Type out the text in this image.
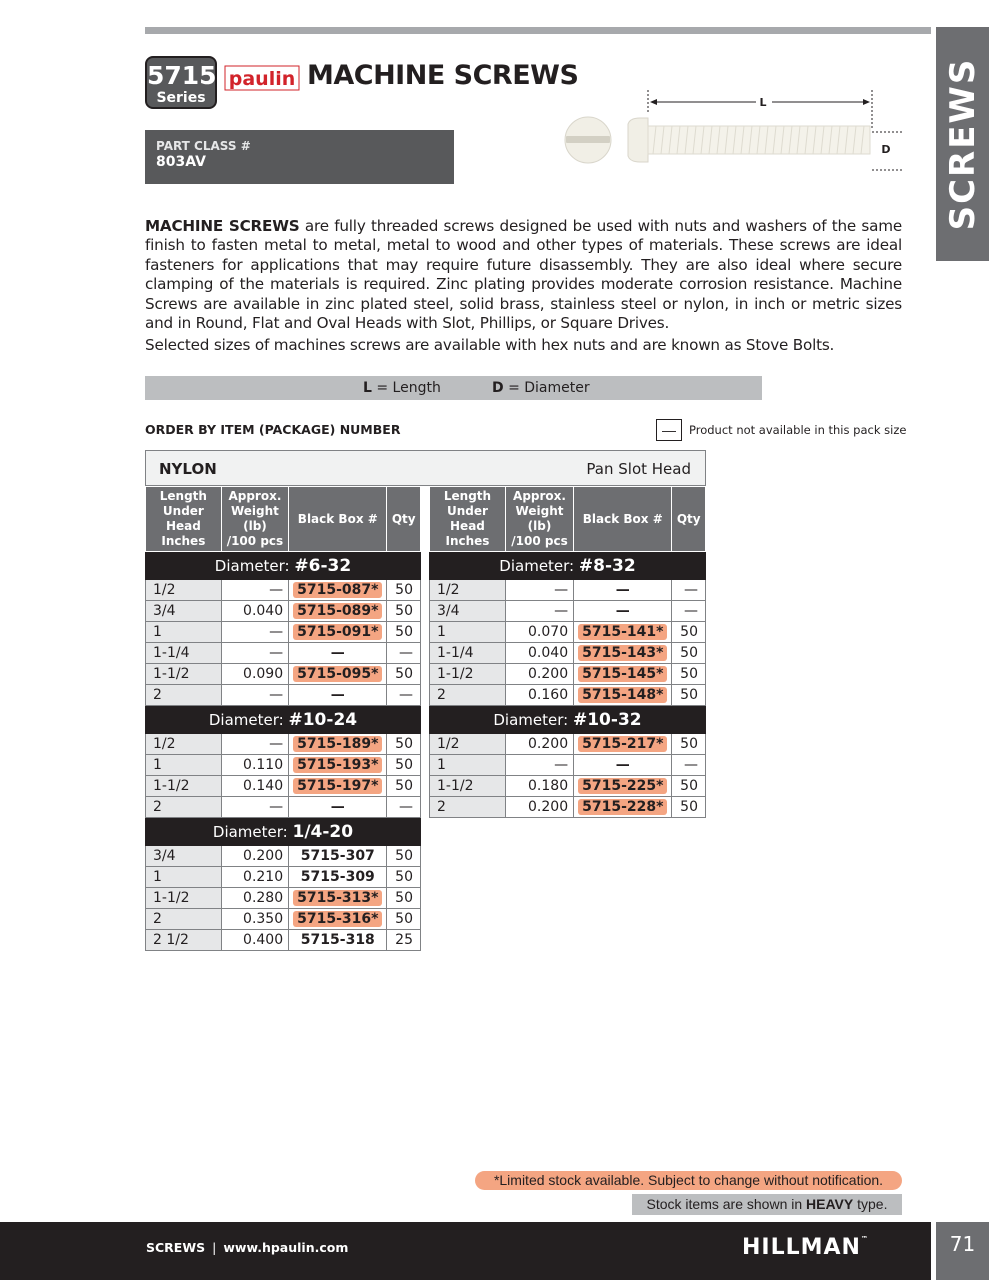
SCREWS
5715
Series
paulin MACHINE SCREWS
PART CLASS #
803AV
L
D

MACHINE SCREWS are fully threaded screws designed be used with nuts and washers of the same finish to fasten metal to metal, metal to wood and other types of materials. These screws are ideal fasteners for applications that may require future disassembly. They are also ideal where secure clamping of the materials is required. Zinc plating provides moderate corrosion resistance. Machine Screws are available in zinc plated steel, solid brass, stainless steel or nylon, in inch or metric sizes and in Round, Flat and Oval Heads with Slot, Phillips, or Square Drives.

Selected sizes of machines screws are available with hex nuts and are known as Stove Bolts.

L = Length	D = Diameter
ORDER BY ITEM (PACKAGE) NUMBER	—	Product not available in this pack size
NYLON	Pan Slot Head
Length
Under Head
Inches	Approx.
Weight (lb)
/100 pcs	Black Box #	Qty
Diameter: #6-32			
1/2	—	5715-087*	50
3/4	0.040	5715-089*	50
1	—	5715-091*	50
1-1/4	—	—	—
1-1/2	0.090	5715-095*	50
2	—	—	—
Diameter: #10-24			
1/2	—	5715-189*	50
1	0.110	5715-193*	50
1-1/2	0.140	5715-197*	50
2	—	—	—
Diameter: 1/4-20			
3/4	0.200	5715-307	50
1	0.210	5715-309	50
1-1/2	0.280	5715-313*	50
2	0.350	5715-316*	50
2 1/2	0.400	5715-318	25
Length
Under Head
Inches	Approx.
Weight (lb)
/100 pcs	Black Box #	Qty
Diameter: #8-32			
1/2	—	—	—
3/4	—	—	—
1	0.070	5715-141*	50
1-1/4	0.040	5715-143*	50
1-1/2	0.200	5715-145*	50
2	0.160	5715-148*	50
Diameter: #10-32			
1/2	0.200	5715-217*	50
1	—	—	—
1-1/2	0.180	5715-225*	50
2	0.200	5715-228*	50
*Limited stock available. Subject to change without notification.
Stock items are shown in HEAVY type.
SCREWS | www.hpaulin.com	HILLMAN™	71
